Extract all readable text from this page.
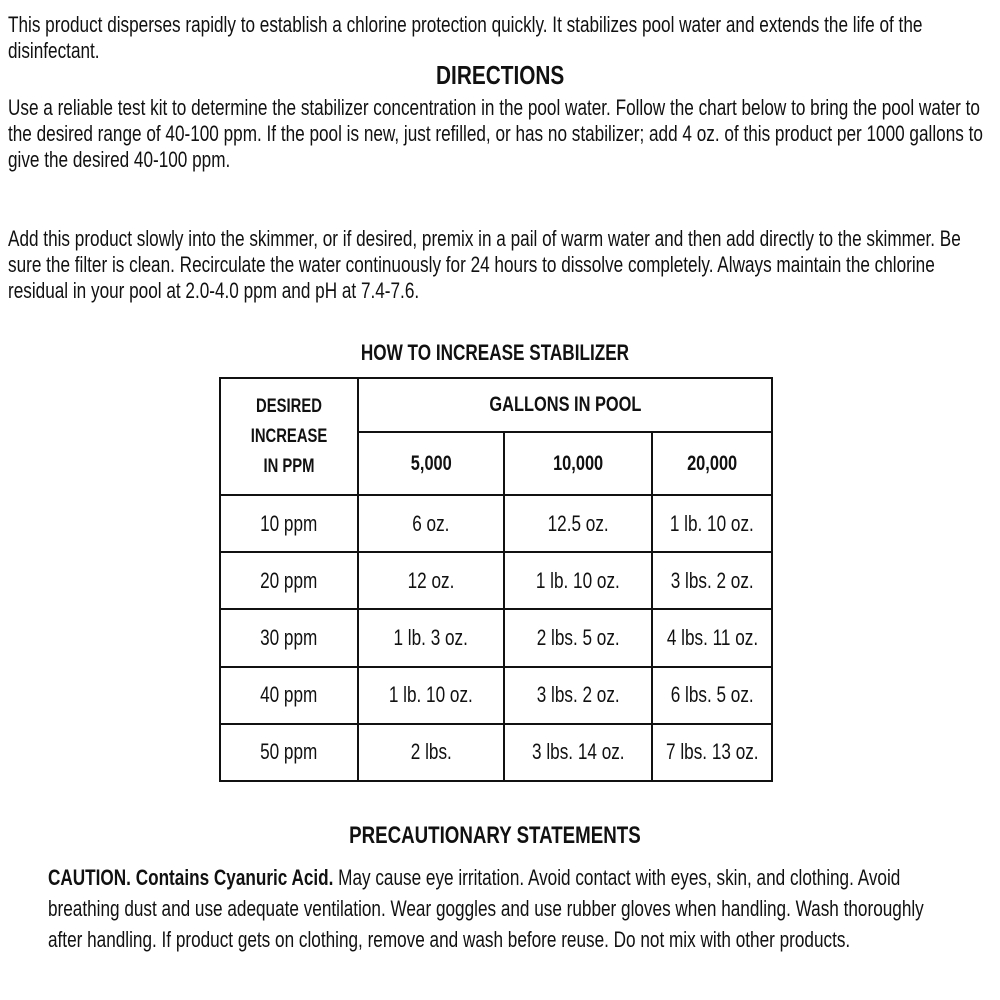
This product disperses rapidly to establish a chlorine protection quickly. It stabilizes pool water and extends the life of the disinfectant.
DIRECTIONS
Use a reliable test kit to determine the stabilizer concentration in the pool water. Follow the chart below to bring the pool water to the desired range of 40-100 ppm. If the pool is new, just refilled, or has no stabilizer; add 4 oz. of this product per 1000 gallons to give the desired 40-100 ppm.
Add this product slowly into the skimmer, or if desired, premix in a pail of warm water and then add directly to the skimmer. Be sure the filter is clean. Recirculate the water continuously for 24 hours to dissolve completely. Always maintain the chlorine residual in your pool at 2.0-4.0 ppm and pH at 7.4-7.6.
HOW TO INCREASE STABILIZER
DESIRED INCREASE IN PPM	GALLONS IN POOL		
	5,000	10,000	20,000
10 ppm	6 oz.	12.5 oz.	1 lb. 10 oz.
20 ppm	12 oz.	1 lb. 10 oz.	3 lbs. 2 oz.
30 ppm	1 lb. 3 oz.	2 lbs. 5 oz.	4 lbs. 11 oz.
40 ppm	1 lb. 10 oz.	3 lbs. 2 oz.	6 lbs. 5 oz.
50 ppm	2 lbs.	3 lbs. 14 oz.	7 lbs. 13 oz.
PRECAUTIONARY STATEMENTS
CAUTION. Contains Cyanuric Acid. May cause eye irritation. Avoid contact with eyes, skin, and clothing. Avoid breathing dust and use adequate ventilation. Wear goggles and use rubber gloves when handling. Wash thoroughly after handling. If product gets on clothing, remove and wash before reuse. Do not mix with other products.
